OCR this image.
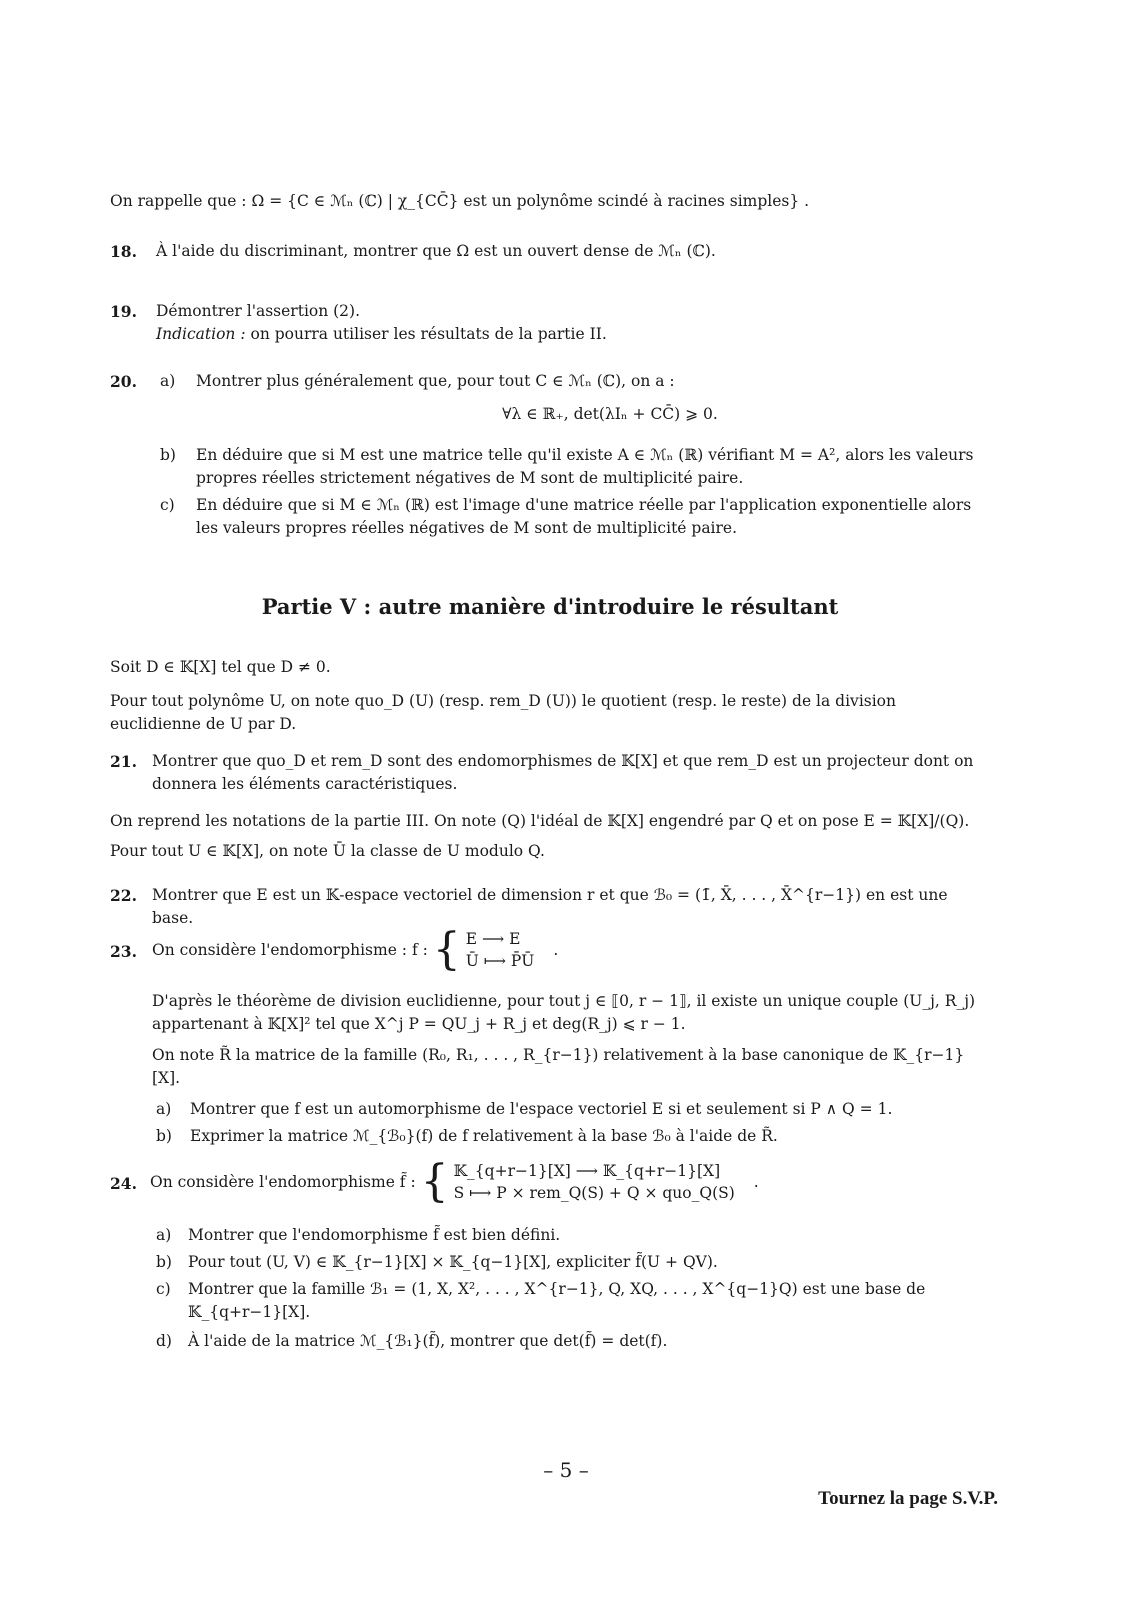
On rappelle que : Ω = {C ∈ ℳₙ (ℂ) | χ_{CC̄} est un polynôme scindé à racines simples} .
18. À l'aide du discriminant, montrer que Ω est un ouvert dense de ℳₙ (ℂ).
19. Démontrer l'assertion (2).
Indication : on pourra utiliser les résultats de la partie II.
20. a) Montrer plus généralement que, pour tout C ∈ ℳₙ (ℂ), on a :
∀λ ∈ ℝ₊, det(λIₙ + CC̄) ⩾ 0.
b) En déduire que si M est une matrice telle qu'il existe A ∈ ℳₙ (ℝ) vérifiant M = A², alors les valeurs propres réelles strictement négatives de M sont de multiplicité paire.
c) En déduire que si M ∈ ℳₙ (ℝ) est l'image d'une matrice réelle par l'application exponentielle alors les valeurs propres réelles négatives de M sont de multiplicité paire.
Partie V : autre manière d'introduire le résultant
Soit D ∈ 𝕂[X] tel que D ≠ 0.
Pour tout polynôme U, on note quo_D (U) (resp. rem_D (U)) le quotient (resp. le reste) de la division euclidienne de U par D.
21. Montrer que quo_D et rem_D sont des endomorphismes de 𝕂[X] et que rem_D est un projecteur dont on donnera les éléments caractéristiques.
On reprend les notations de la partie III. On note (Q) l'idéal de 𝕂[X] engendré par Q et on pose E = 𝕂[X]/(Q).
Pour tout U ∈ 𝕂[X], on note Ū la classe de U modulo Q.
22. Montrer que E est un 𝕂-espace vectoriel de dimension r et que ℬ₀ = (1̄, X̄, . . . , X̄^{r−1}) en est une base.
23. On considère l'endomorphisme : f : { E ⟶ E
Ū ⟼ P̄Ū
.
D'après le théorème de division euclidienne, pour tout j ∈ ⟦0, r − 1⟧, il existe un unique couple (U_j, R_j) appartenant à 𝕂[X]² tel que X^j P = QU_j + R_j et deg(R_j) ⩽ r − 1.
On note R̃ la matrice de la famille (R₀, R₁, . . . , R_{r−1}) relativement à la base canonique de 𝕂_{r−1}[X].
a) Montrer que f est un automorphisme de l'espace vectoriel E si et seulement si P ∧ Q = 1.
b) Exprimer la matrice ℳ_{ℬ₀}(f) de f relativement à la base ℬ₀ à l'aide de R̃.
24. On considère l'endomorphisme f̃ : { 𝕂_{q+r−1}[X] ⟶ 𝕂_{q+r−1}[X]
S ⟼ P × rem_Q(S) + Q × quo_Q(S)
.
a) Montrer que l'endomorphisme f̃ est bien défini.
b) Pour tout (U, V) ∈ 𝕂_{r−1}[X] × 𝕂_{q−1}[X], expliciter f̃(U + QV).
c) Montrer que la famille ℬ₁ = (1, X, X², . . . , X^{r−1}, Q, XQ, . . . , X^{q−1}Q) est une base de 𝕂_{q+r−1}[X].
d) À l'aide de la matrice ℳ_{ℬ₁}(f̃), montrer que det(f̃) = det(f).
– 5 –
Tournez la page S.V.P.
